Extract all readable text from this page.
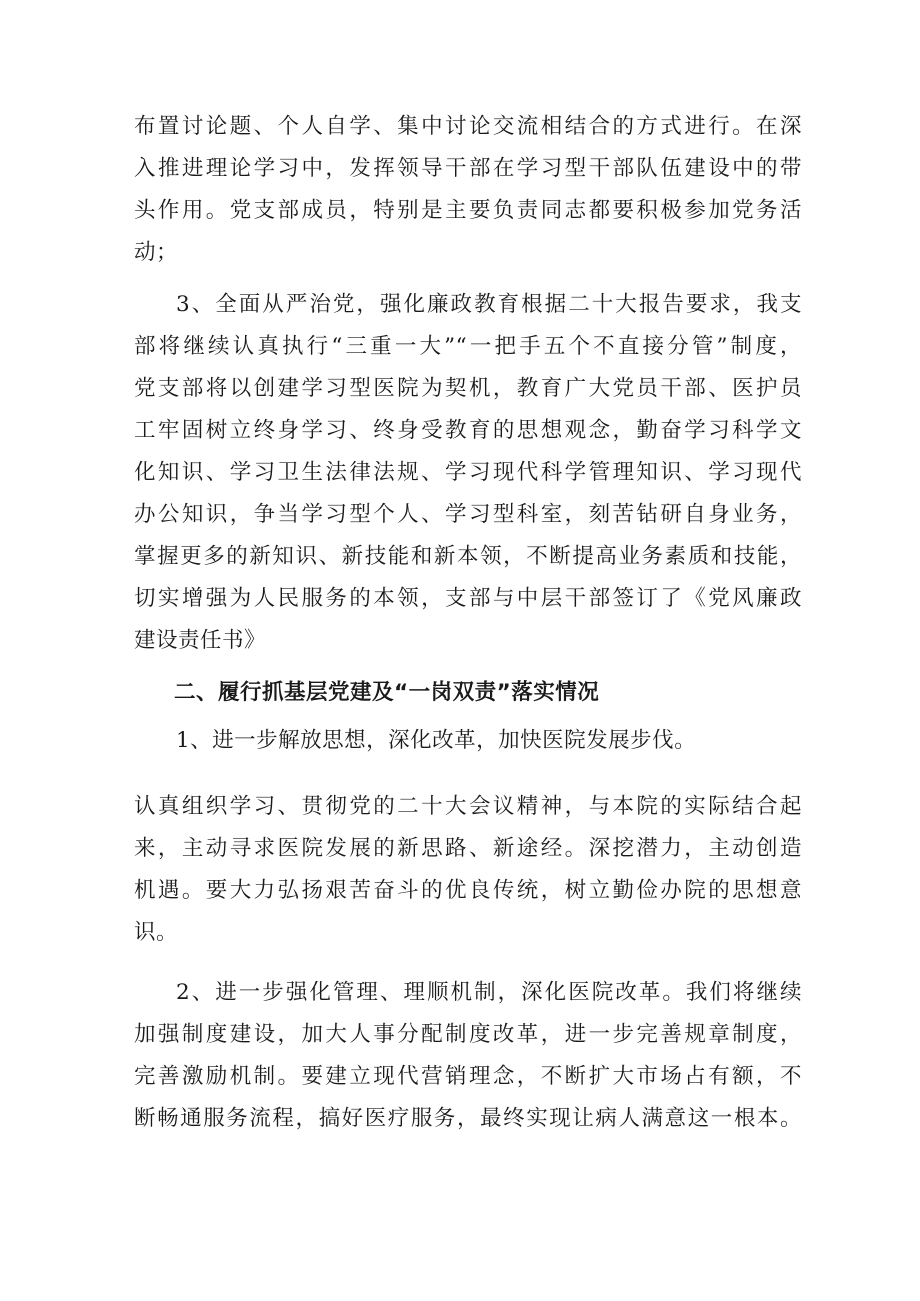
布置讨论题、个人自学、集中讨论交流相结合的方式进行。在深
入推进理论学习中，发挥领导干部在学习型干部队伍建设中的带
头作用。党支部成员，特别是主要负责同志都要积极参加党务活
动；
3、全面从严治党，强化廉政教育根据二十大报告要求，我支
部将继续认真执行“三重一大”“一把手五个不直接分管”制度，
党支部将以创建学习型医院为契机，教育广大党员干部、医护员
工牢固树立终身学习、终身受教育的思想观念，勤奋学习科学文
化知识、学习卫生法律法规、学习现代科学管理知识、学习现代
办公知识，争当学习型个人、学习型科室，刻苦钻研自身业务，
掌握更多的新知识、新技能和新本领，不断提高业务素质和技能，
切实增强为人民服务的本领，支部与中层干部签订了《党风廉政
建设责任书》
二、履行抓基层党建及“一岗双责”落实情况
1、进一步解放思想，深化改革，加快医院发展步伐。
认真组织学习、贯彻党的二十大会议精神，与本院的实际结合起
来，主动寻求医院发展的新思路、新途经。深挖潜力，主动创造
机遇。要大力弘扬艰苦奋斗的优良传统，树立勤俭办院的思想意
识。
2、进一步强化管理、理顺机制，深化医院改革。我们将继续
加强制度建设，加大人事分配制度改革，进一步完善规章制度，
完善激励机制。要建立现代营销理念，不断扩大市场占有额，不
断畅通服务流程，搞好医疗服务，最终实现让病人满意这一根本。
